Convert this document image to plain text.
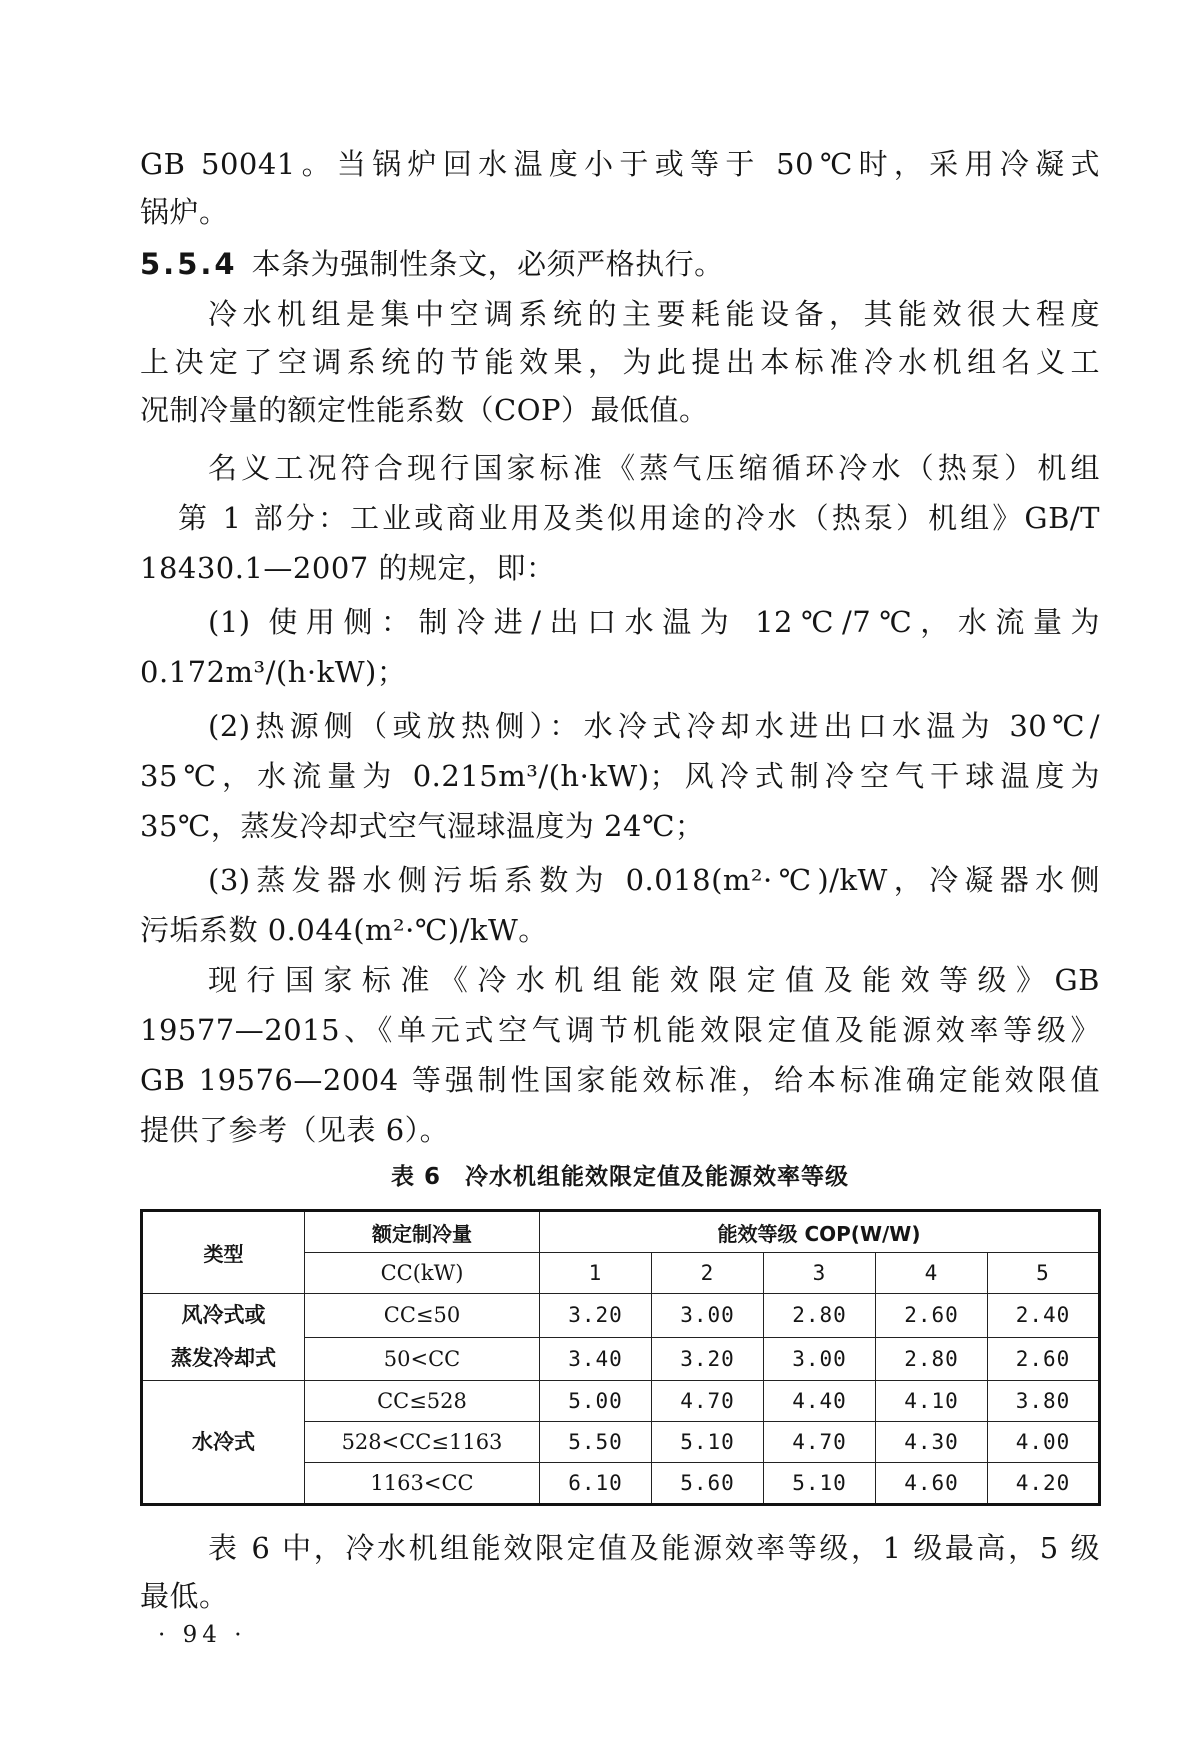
GB 50041。当锅炉回水温度小于或等于 50℃时，采用冷凝式

锅炉。

5.5.4 本条为强制性条文，必须严格执行。

冷水机组是集中空调系统的主要耗能设备，其能效很大程度

上决定了空调系统的节能效果，为此提出本标准冷水机组名义工

况制冷量的额定性能系数（COP）最低值。

名义工况符合现行国家标准《蒸气压缩循环冷水（热泵）机组

第 1 部分：工业或商业用及类似用途的冷水（热泵）机组》GB/T

18430.1—2007 的规定，即：

(1) 使用侧：制冷进/出口水温为 12℃/7℃，水流量为

0.172m³/(h·kW)；

(2)热源侧（或放热侧）：水冷式冷却水进出口水温为 30℃/

35℃，水流量为 0.215m³/(h·kW)；风冷式制冷空气干球温度为

35℃，蒸发冷却式空气湿球温度为 24℃；

(3)蒸发器水侧污垢系数为 0.018(m²·℃)/kW，冷凝器水侧

污垢系数 0.044(m²·℃)/kW。

现行国家标准《冷水机组能效限定值及能效等级》GB

19577—2015、《单元式空气调节机能效限定值及能源效率等级》

GB 19576—2004 等强制性国家能效标准，给本标准确定能效限值

提供了参考（见表 6）。

表 6 冷水机组能效限定值及能源效率等级
类型	额定制冷量	能效等级 COP(W/W)				
	CC(kW)	1	2	3	4	5
风冷式或
蒸发冷却式	CC≤50	3.20	3.00	2.80	2.60	2.40
	50<CC	3.40	3.20	3.00	2.80	2.60
水冷式	CC≤528	5.00	4.70	4.40	4.10	3.80
	528<CC≤1163	5.50	5.10	4.70	4.30	4.00
	1163<CC	6.10	5.60	5.10	4.60	4.20

表 6 中，冷水机组能效限定值及能源效率等级，1 级最高，5 级

最低。

· 94 ·
